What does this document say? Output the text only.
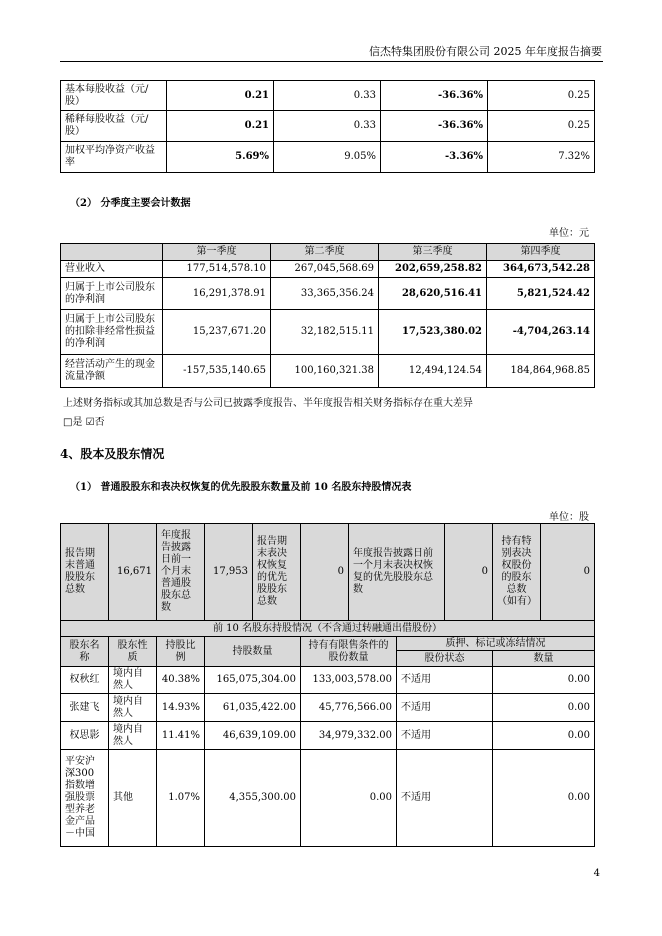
信杰特集团股份有限公司 2025 年年度报告摘要
基本每股收益（元/股）	0.21	0.33	-36.36%	0.25
稀释每股收益（元/股）	0.21	0.33	-36.36%	0.25
加权平均净资产收益率	5.69%	9.05%	-3.36%	7.32%
（2） 分季度主要会计数据
单位：元
	第一季度	第二季度	第三季度	第四季度
营业收入	177,514,578.10	267,045,568.69	202,659,258.82	364,673,542.28
归属于上市公司股东的净利润	16,291,378.91	33,365,356.24	28,620,516.41	5,821,524.42
归属于上市公司股东的扣除非经常性损益的净利润	15,237,671.20	32,182,515.11	17,523,380.02	-4,704,263.14
经营活动产生的现金流量净额	-157,535,140.65	100,160,321.38	12,494,124.54	184,864,968.85
上述财务指标或其加总数是否与公司已披露季度报告、半年度报告相关财务指标存在重大差异
□是 ☑否
4、股本及股东情况
（1） 普通股股东和表决权恢复的优先股股东数量及前 10 名股东持股情况表
单位：股
报告期末普通股股东总数	16,671	年度报告披露日前一个月末普通股股东总数	17,953	报告期末表决权恢复的优先股股东总数	0	年度报告披露日前一个月末表决权恢复的优先股股东总数		0	持有特别表决权股份的股东总数（如有）	0
前 10 名股东持股情况（不含通过转融通出借股份）										
股东名称	股东性质	持股比例	持股数量		持有有限售条件的股份数量		质押、标记或冻结情况			
							股份状态		数量	
权秋红	境内自然人	40.38%	165,075,304.00		133,003,578.00		不适用		0.00	
张建飞	境内自然人	14.93%	61,035,422.00		45,776,566.00		不适用		0.00	
权思影	境内自然人	11.41%	46,639,109.00		34,979,332.00		不适用		0.00	
平安沪深300指数增强股票型养老金产品－中国	其他	1.07%	4,355,300.00		0.00		不适用		0.00	
4
